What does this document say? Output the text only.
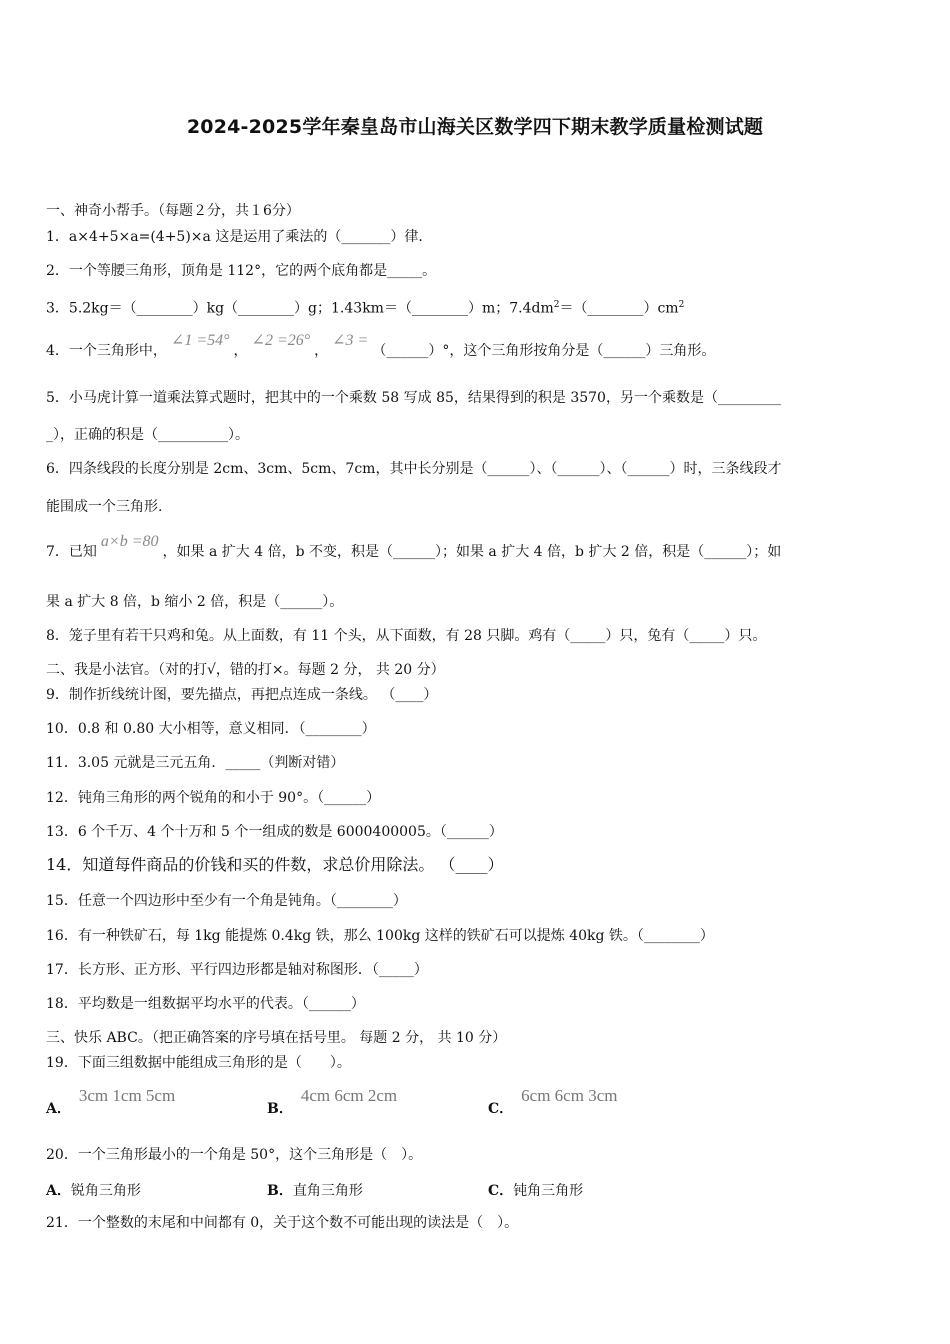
2024-2025学年秦皇岛市山海关区数学四下期末教学质量检测试题
一、神奇小帮手。（每题２分，共１6分）
1．a×4+5×a=(4+5)×a 这是运用了乘法的（_______）律.
2．一个等腰三角形，顶角是 112°，它的两个底角都是_____。
3．5.2kg＝（________）kg（________）g；1.43km＝（________）m；$7.4dm^2=(\_\_\_\_\_\_\_\_)cm^2$
4．一个三角形中，∠1 =54°，∠2 =26°，∠3 =（______）°，这个三角形按角分是（______）三角形。
5．小马虎计算一道乘法算式题时，把其中的一个乘数 58 写成 85，结果得到的积是 3570，另一个乘数是（_________
_），正确的积是（__________）。
6．四条线段的长度分别是 2cm、3cm、5cm、7cm，其中长分别是（______）、（______）、（______）时，三条线段才
能围成一个三角形.
7．已知a×b =80，如果 a 扩大 4 倍，b 不变，积是（______）；如果 a 扩大 4 倍，b 扩大 2 倍，积是（______）；如
果 a 扩大 8 倍，b 缩小 2 倍，积是（______）。
8．笼子里有若干只鸡和兔。从上面数，有 11 个头，从下面数，有 28 只脚。鸡有（_____）只，兔有（_____）只。
二、我是小法官。（对的打√，错的打×。每题 2 分， 共 20 分）
9．制作折线统计图，要先描点，再把点连成一条线。 （____）
10．0.8 和 0.80 大小相等，意义相同．（________）
11．3.05 元就是三元五角．_____（判断对错）
12．钝角三角形的两个锐角的和小于 90°。（______）
13．6 个千万、4 个十万和 5 个一组成的数是 6000400005。（______）
14．知道每件商品的价钱和买的件数，求总价用除法。 （____）
15．任意一个四边形中至少有一个角是钝角。（________）
16．有一种铁矿石，每 1kg 能提炼 0.4kg 铁，那么 100kg 这样的铁矿石可以提炼 40kg 铁。（________）
17．长方形、正方形、平行四边形都是轴对称图形．（_____）
18．平均数是一组数据平均水平的代表。（______）
三、快乐 ABC。（把正确答案的序号填在括号里。 每题 2 分， 共 10 分）
19．下面三组数据中能组成三角形的是（　　）。
A．3cm 1cm 5cm
B．4cm 6cm 2cm
C．6cm 6cm 3cm
20．一个三角形最小的一个角是 50°，这个三角形是（　）。
A．锐角三角形	B．直角三角形	C．钝角三角形
21．一个整数的末尾和中间都有 0，关于这个数不可能出现的读法是（　）。
